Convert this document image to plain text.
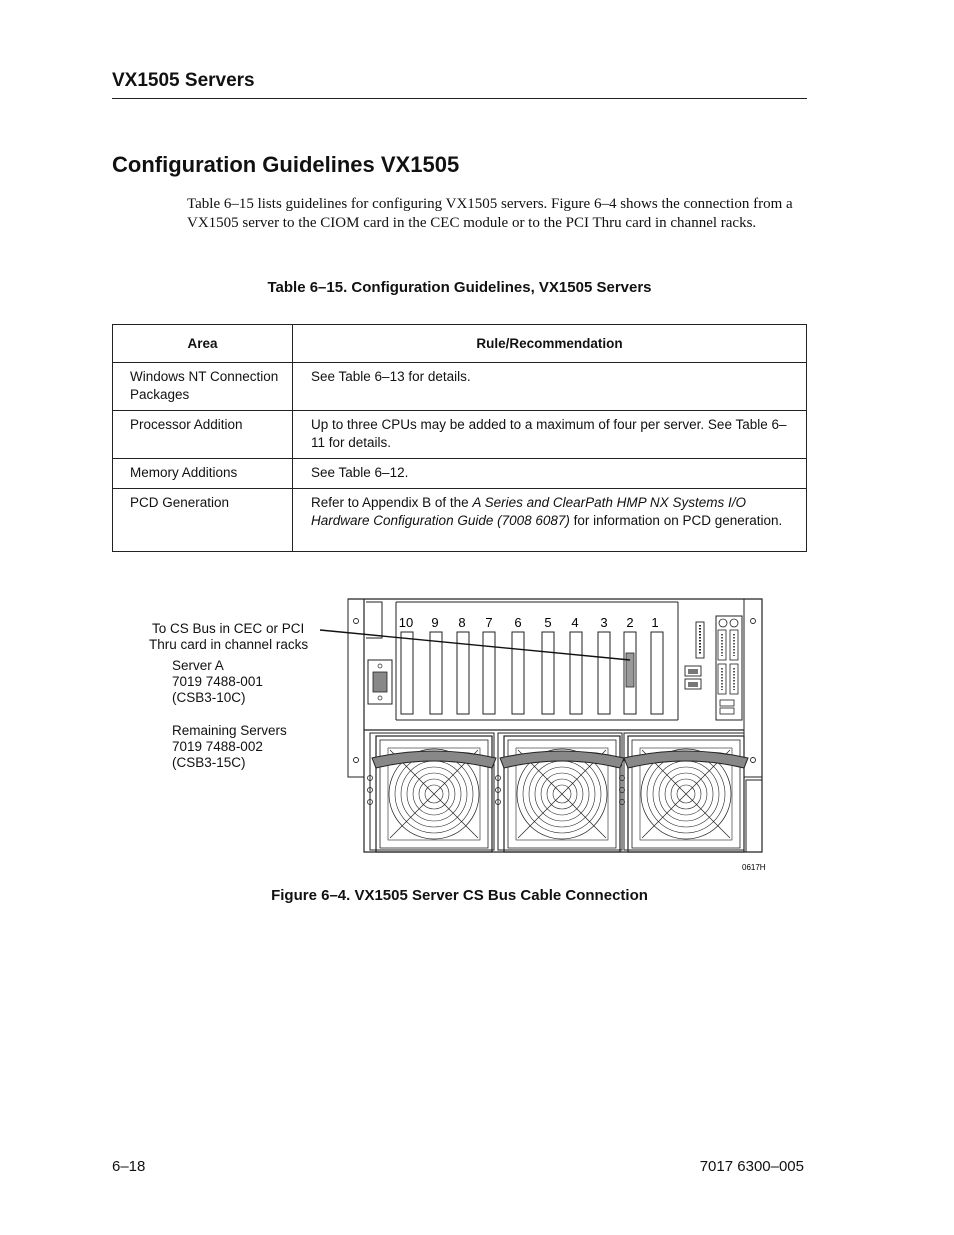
VX1505 Servers
Configuration Guidelines VX1505
Table 6–15 lists guidelines for configuring VX1505 servers. Figure 6–4 shows the connection from a VX1505 server to the CIOM card in the CEC module or to the PCI Thru card in channel racks.
Table 6–15. Configuration Guidelines, VX1505 Servers
Area	Rule/Recommendation
Windows NT Connection Packages	See Table 6–13 for details.
Processor Addition	Up to three CPUs may be added to a maximum of four per server. See Table 6–11 for details.
Memory Additions	See Table 6–12.
PCD Generation	Refer to Appendix B of the A Series and ClearPath HMP NX Systems I/O Hardware Configuration Guide (7008 6087) for information on PCD generation.
10 9 8 7 6 5 4 3 2 1
0617H
To CS Bus in CEC or PCI
Thru card in channel racks
Server A
7019 7488-001
(CSB3-10C)
Remaining Servers
7019 7488-002
(CSB3-15C)
Figure 6–4. VX1505 Server CS Bus Cable Connection
6–18	7017 6300–005
